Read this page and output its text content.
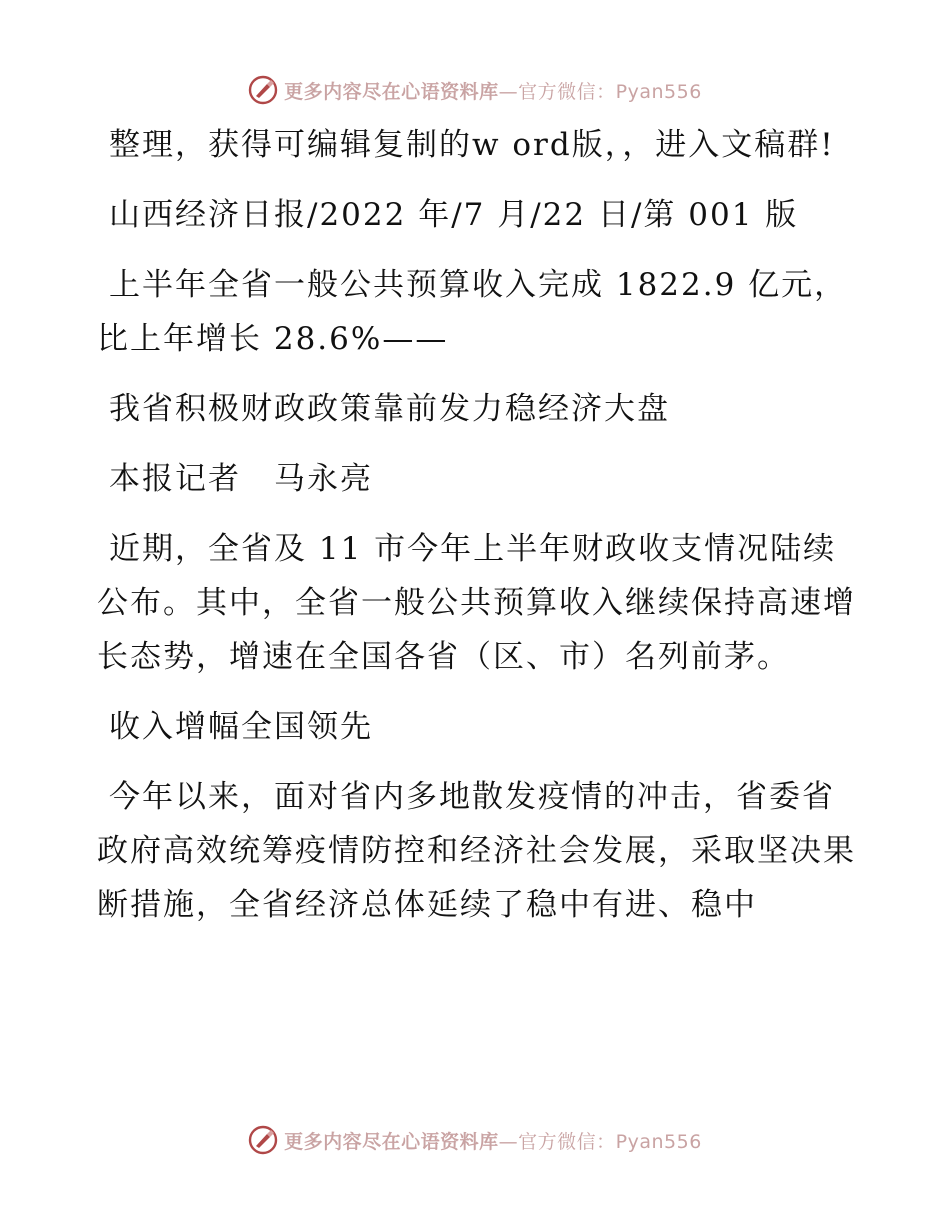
更多内容尽在心语资料库—官方微信：Pyan556

整理，获得可编辑复制的w ord版，，进入文稿群!

山西经济日报/2022 年/7 月/22 日/第 001 版

上半年全省一般公共预算收入完成 1822.9 亿元，比上年增长 28.6%——

我省积极财政政策靠前发力稳经济大盘

本报记者　马永亮

近期，全省及 11 市今年上半年财政收支情况陆续公布。其中，全省一般公共预算收入继续保持高速增长态势，增速在全国各省（区、市）名列前茅。

收入增幅全国领先

今年以来，面对省内多地散发疫情的冲击，省委省政府高效统筹疫情防控和经济社会发展，采取坚决果断措施，全省经济总体延续了稳中有进、稳中

更多内容尽在心语资料库—官方微信：Pyan556
